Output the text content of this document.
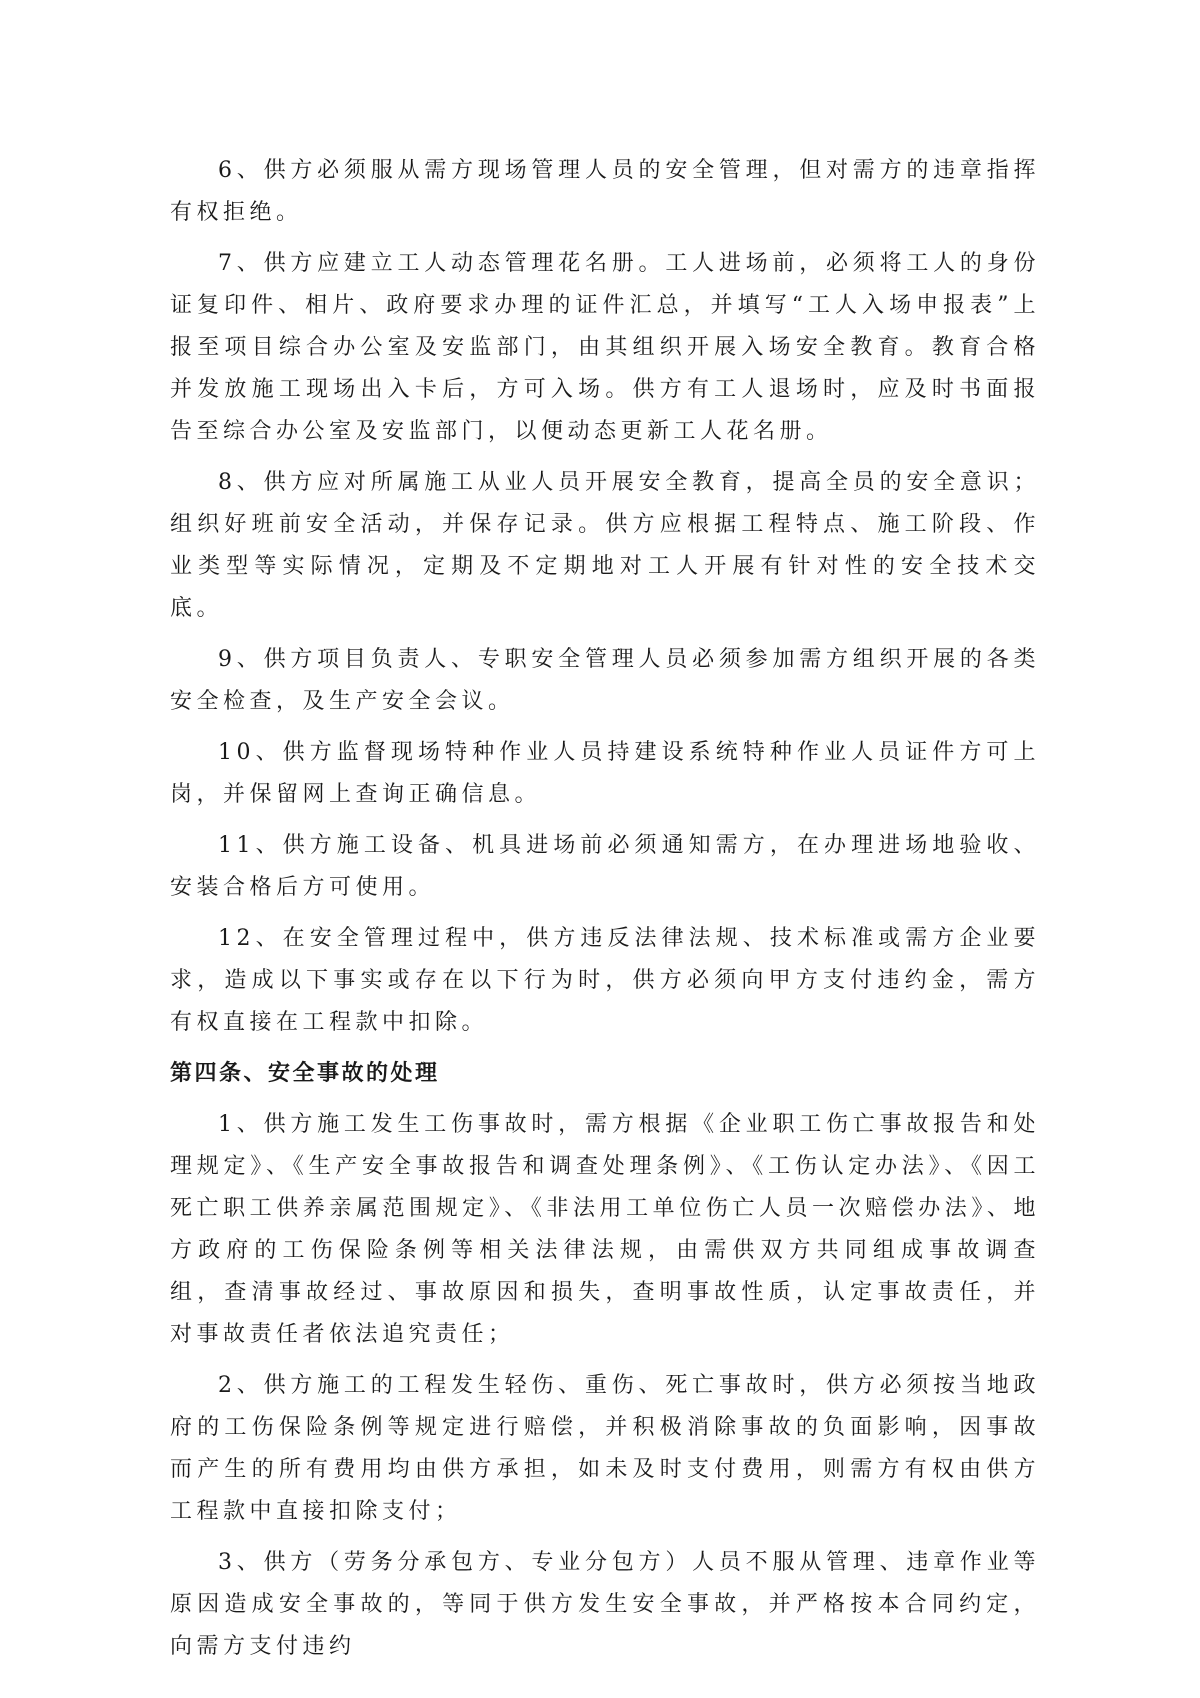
6、供方必须服从需方现场管理人员的安全管理，但对需方的违章指挥有权拒绝。

7、供方应建立工人动态管理花名册。工人进场前，必须将工人的身份证复印件、相片、政府要求办理的证件汇总，并填写“工人入场申报表”上报至项目综合办公室及安监部门，由其组织开展入场安全教育。教育合格并发放施工现场出入卡后，方可入场。供方有工人退场时，应及时书面报告至综合办公室及安监部门，以便动态更新工人花名册。

8、供方应对所属施工从业人员开展安全教育，提高全员的安全意识；组织好班前安全活动，并保存记录。供方应根据工程特点、施工阶段、作业类型等实际情况，定期及不定期地对工人开展有针对性的安全技术交底。

9、供方项目负责人、专职安全管理人员必须参加需方组织开展的各类安全检查，及生产安全会议。

10、供方监督现场特种作业人员持建设系统特种作业人员证件方可上岗，并保留网上查询正确信息。

11、供方施工设备、机具进场前必须通知需方，在办理进场地验收、安装合格后方可使用。

12、在安全管理过程中，供方违反法律法规、技术标准或需方企业要求，造成以下事实或存在以下行为时，供方必须向甲方支付违约金，需方有权直接在工程款中扣除。

第四条、安全事故的处理

1、供方施工发生工伤事故时，需方根据《企业职工伤亡事故报告和处理规定》、《生产安全事故报告和调查处理条例》、《工伤认定办法》、《因工死亡职工供养亲属范围规定》、《非法用工单位伤亡人员一次赔偿办法》、地方政府的工伤保险条例等相关法律法规，由需供双方共同组成事故调查组，查清事故经过、事故原因和损失，查明事故性质，认定事故责任，并对事故责任者依法追究责任；

2、供方施工的工程发生轻伤、重伤、死亡事故时，供方必须按当地政府的工伤保险条例等规定进行赔偿，并积极消除事故的负面影响，因事故而产生的所有费用均由供方承担，如未及时支付费用，则需方有权由供方工程款中直接扣除支付；

3、供方（劳务分承包方、专业分包方）人员不服从管理、违章作业等原因造成安全事故的，等同于供方发生安全事故，并严格按本合同约定，向需方支付违约
